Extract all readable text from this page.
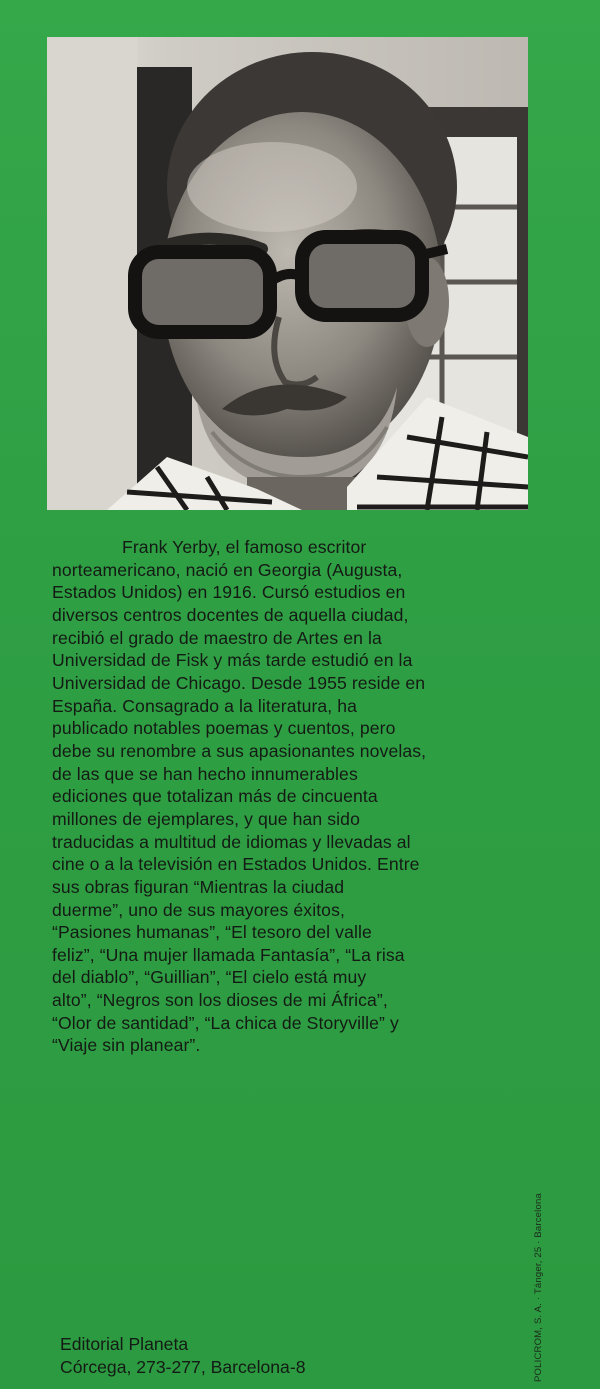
Frank Yerby, el famoso escritor
norteamericano, nació en Georgia (Augusta,
Estados Unidos) en 1916. Cursó estudios en
diversos centros docentes de aquella ciudad,
recibió el grado de maestro de Artes en la
Universidad de Fisk y más tarde estudió en la
Universidad de Chicago. Desde 1955 reside en
España. Consagrado a la literatura, ha
publicado notables poemas y cuentos, pero
debe su renombre a sus apasionantes novelas,
de las que se han hecho innumerables
ediciones que totalizan más de cincuenta
millones de ejemplares, y que han sido
traducidas a multitud de idiomas y llevadas al
cine o a la televisión en Estados Unidos. Entre
sus obras figuran “Mientras la ciudad
duerme”, uno de sus mayores éxitos,
“Pasiones humanas”, “El tesoro del valle
feliz”, “Una mujer llamada Fantasía”, “La risa
del diablo”, “Guillian”, “El cielo está muy
alto”, “Negros son los dioses de mi África”,
“Olor de santidad”, “La chica de Storyville” y
“Viaje sin planear”.

POLICROM, S. A. · Tánger, 25 · Barcelona
Editorial Planeta
Córcega, 273-277, Barcelona-8
